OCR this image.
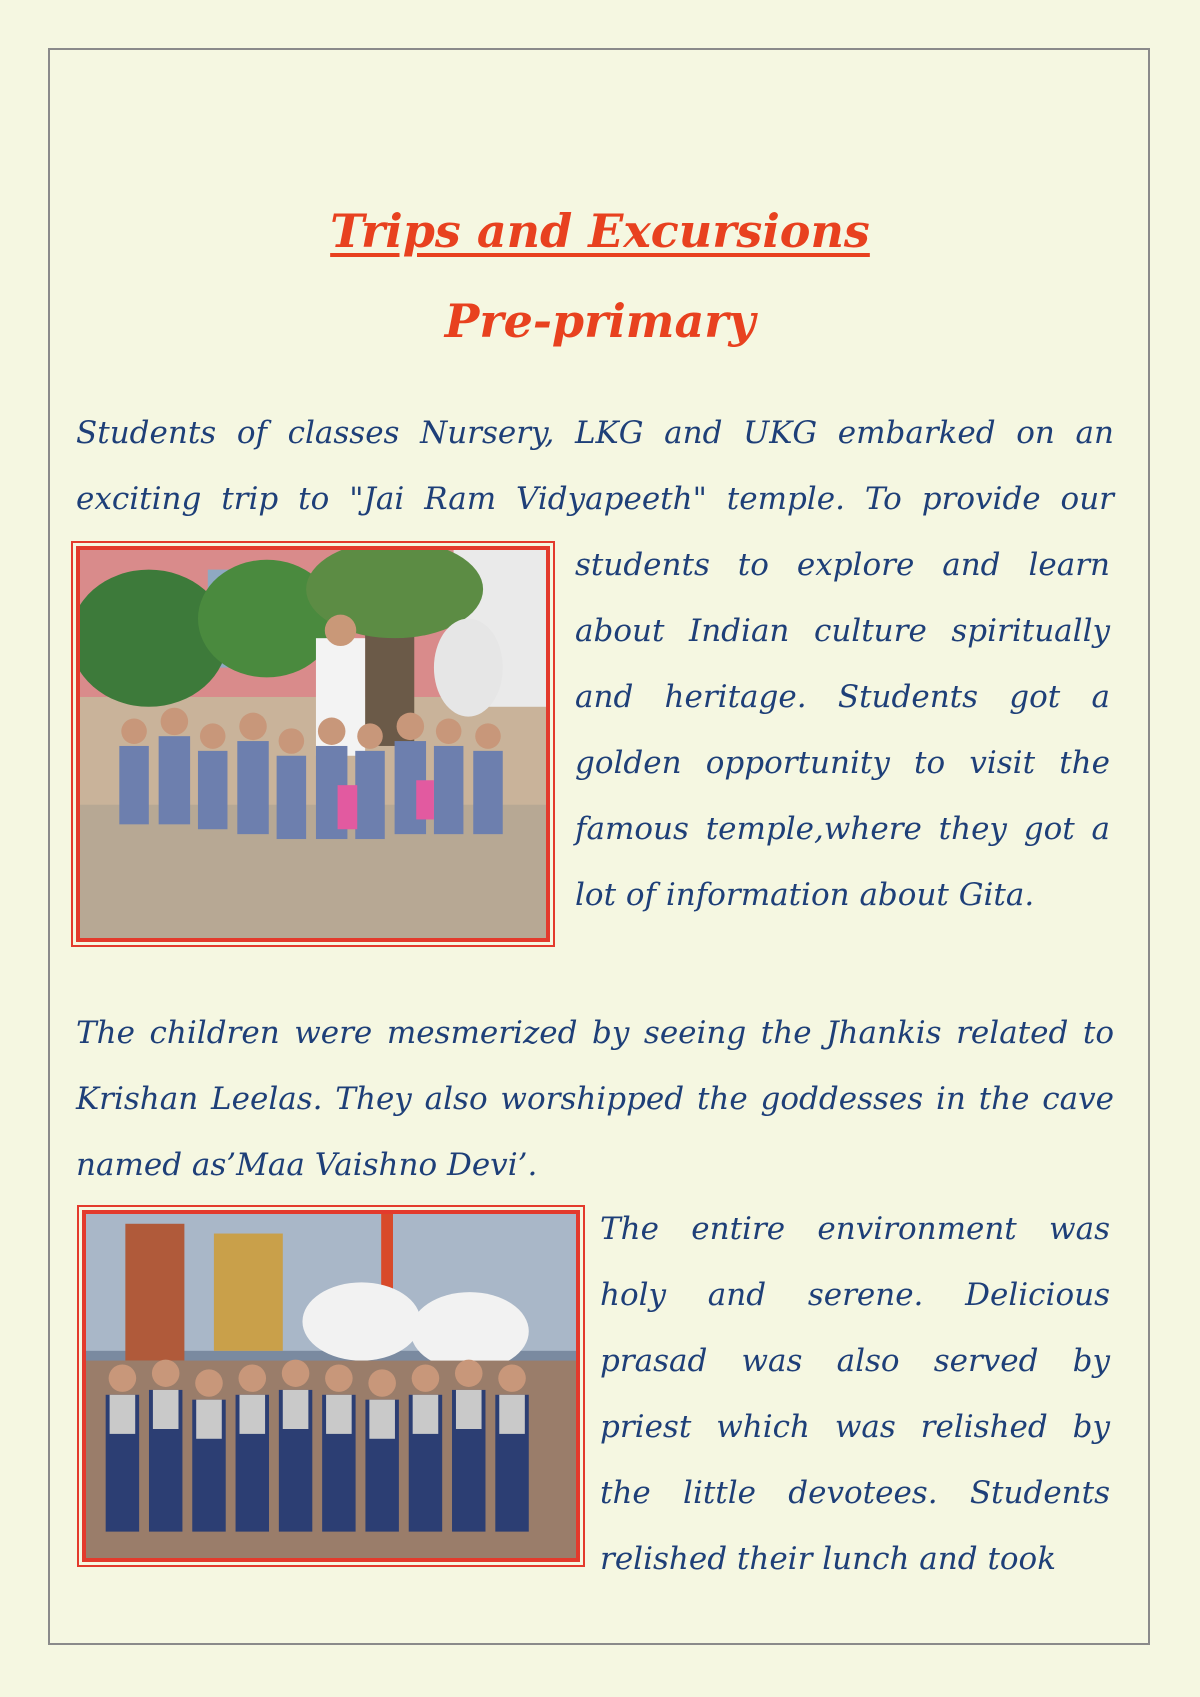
Trips and Excursions
Pre-primary

Students of classes Nursery, LKG and UKG embarked on an exciting trip to "Jai Ram Vidyapeeth" temple. To provide our

students to explore and learn about Indian culture spiritually and heritage. Students got a golden opportunity to visit the famous temple,where they got a lot of information about Gita.

The children were mesmerized by seeing the Jhankis related to Krishan Leelas. They also worshipped the goddesses in the cave named as’Maa Vaishno Devi’.

The entire environment was holy and serene. Delicious prasad was also served by priest which was relished by the little devotees. Students relished their lunch and took
